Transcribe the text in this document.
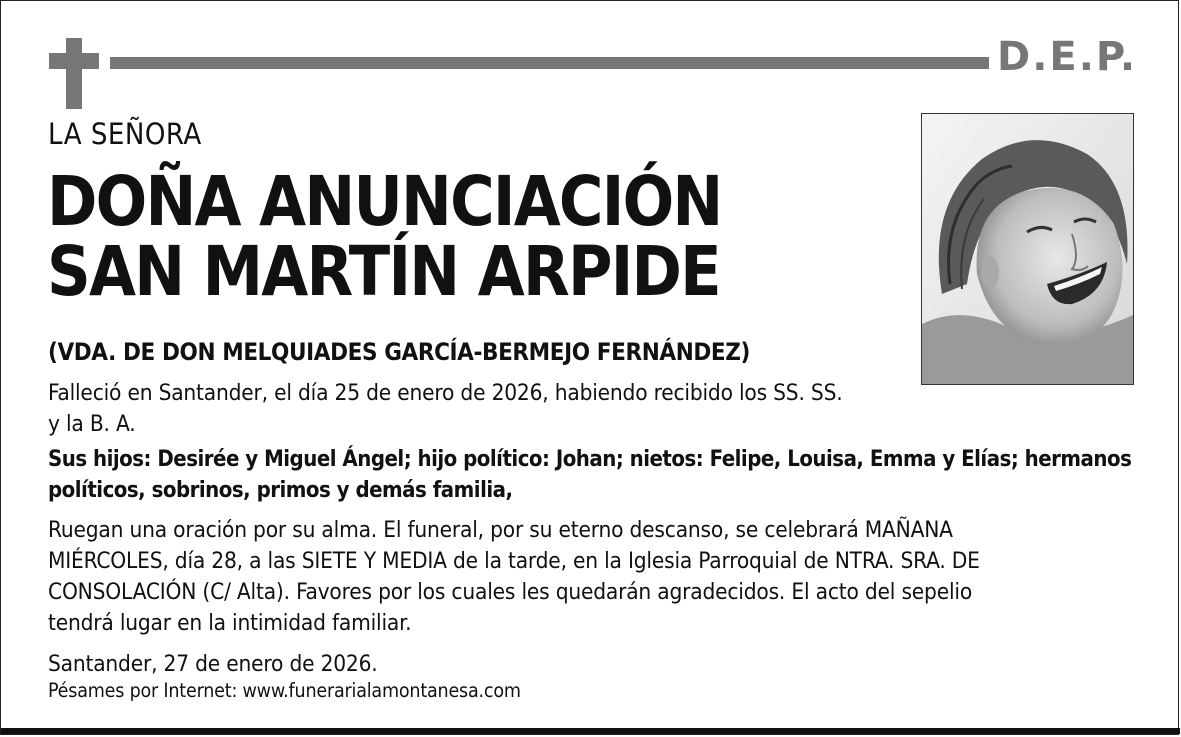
D.E.P.
LA SEÑORA
DOÑA ANUNCIACIÓN
SAN MARTÍN ARPIDE
(VDA. DE DON MELQUIADES GARCÍA-BERMEJO FERNÁNDEZ)
Falleció en Santander, el día 25 de enero de 2026, habiendo recibido los SS. SS.
y la B. A.
Sus hijos: Desirée y Miguel Ángel; hijo político: Johan; nietos: Felipe, Louisa, Emma y Elías; hermanos
políticos, sobrinos, primos y demás familia,
Ruegan una oración por su alma. El funeral, por su eterno descanso, se celebrará MAÑANA
MIÉRCOLES, día 28, a las SIETE Y MEDIA de la tarde, en la Iglesia Parroquial de NTRA. SRA. DE
CONSOLACIÓN (C/ Alta). Favores por los cuales les quedarán agradecidos. El acto del sepelio
tendrá lugar en la intimidad familiar.
Santander, 27 de enero de 2026.
Pésames por Internet: www.funerarialamontanesa.com
